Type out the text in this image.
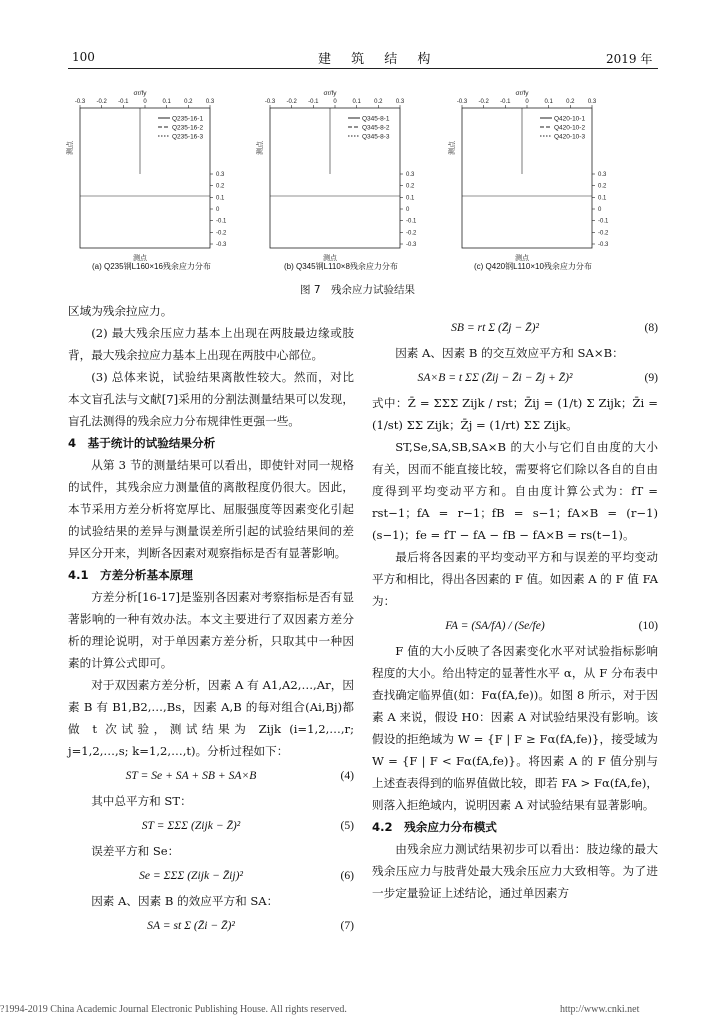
100	建 筑 结 构	2019 年
-0.3 -0.2 -0.1 0	0.1 0.2 0.3
σr/fy
0.3
0.2
0.1
0
-0.1
-0.2
-0.3
Q235-16-1
Q235-16-2
Q235-16-3
测点
测点
-0.3 -0.2 -0.1 0	0.1 0.2 0.3
σr/fy
0.3
0.2
0.1
0
-0.1
-0.2
-0.3
Q345-8-1
Q345-8-2
Q345-8-3
测点
测点
-0.3 -0.2 -0.1 0	0.1 0.2 0.3
σr/fy
0.3
0.2
0.1
0
-0.1
-0.2
-0.3
Q420-10-1
Q420-10-2
Q420-10-3
测点
测点
(a) Q235钢L160×16残余应力分布	(b) Q345钢L110×8残余应力分布	(c) Q420钢L110×10残余应力分布
图 7　残余应力试验结果

区域为残余拉应力。

(2) 最大残余压应力基本上出现在两肢最边缘或肢背，最大残余拉应力基本上出现在两肢中心部位。

(3) 总体来说，试验结果离散性较大。然而，对比本文盲孔法与文献[7]采用的分割法测量结果可以发现，盲孔法测得的残余应力分布规律性更强一些。

4　基于统计的试验结果分析

从第 3 节的测量结果可以看出，即使针对同一规格的试件，其残余应力测量值的离散程度仍很大。因此，本节采用方差分析将宽厚比、屈服强度等因素变化引起的试验结果的差异与测量误差所引起的试验结果间的差异区分开来，判断各因素对观察指标是否有显著影响。

4.1　方差分析基本原理

方差分析[16-17]是鉴别各因素对考察指标是否有显著影响的一种有效办法。本文主要进行了双因素方差分析的理论说明，对于单因素方差分析，只取其中一种因素的计算公式即可。

对于双因素方差分析，因素 A 有 A1,A2,…,Ar，因素 B 有 B1,B2,…,Bs，因素 A,B 的每对组合(Ai,Bj)都做 t 次试验，测试结果为 Zijk (i=1,2,…,r; j=1,2,…,s; k=1,2,…,t)。分析过程如下：

ST = Se + SA + SB + SA×B	(4)

其中总平方和 ST：

ST = ΣΣΣ (Zijk − Z̄)²	(5)

误差平方和 Se：

Se = ΣΣΣ (Zijk − Z̄ij)²	(6)

因素 A、因素 B 的效应平方和 SA：

SA = st Σ (Z̄i − Z̄)²	(7)
SB = rt Σ (Z̄j − Z̄)²	(8)

因素 A、因素 B 的交互效应平方和 SA×B：

SA×B = t ΣΣ (Z̄ij − Z̄i − Z̄j + Z̄)²	(9)

式中：Z̄ = ΣΣΣ Zijk / rst；Z̄ij = (1/t) Σ Zijk；Z̄i = (1/st) ΣΣ Zijk；Z̄j = (1/rt) ΣΣ Zijk。

ST,Se,SA,SB,SA×B 的大小与它们自由度的大小有关，因而不能直接比较，需要将它们除以各自的自由度得到平均变动平方和。自由度计算公式为：fT = rst−1；fA = r−1；fB = s−1；fA×B = (r−1)(s−1)；fe = fT − fA − fB − fA×B = rs(t−1)。

最后将各因素的平均变动平方和与误差的平均变动平方和相比，得出各因素的 F 值。如因素 A 的 F 值 FA 为：

FA = (SA/fA) / (Se/fe)	(10)

F 值的大小反映了各因素变化水平对试验指标影响程度的大小。给出特定的显著性水平 α，从 F 分布表中查找确定临界值(如：Fα(fA,fe))。如图 8 所示，对于因素 A 来说，假设 H0：因素 A 对试验结果没有影响。该假设的拒绝域为 W = {F | F ≥ Fα(fA,fe)}，接受域为 W = {F | F < Fα(fA,fe)}。将因素 A 的 F 值分别与上述查表得到的临界值做比较，即若 FA > Fα(fA,fe)，则落入拒绝域内，说明因素 A 对试验结果有显著影响。

4.2　残余应力分布模式

由残余应力测试结果初步可以看出：肢边缘的最大残余压应力与肢背处最大残余压应力大致相等。为了进一步定量验证上述结论，通过单因素方

?1994-2019 China Academic Journal Electronic Publishing House. All rights reserved.	http://www.cnki.net
